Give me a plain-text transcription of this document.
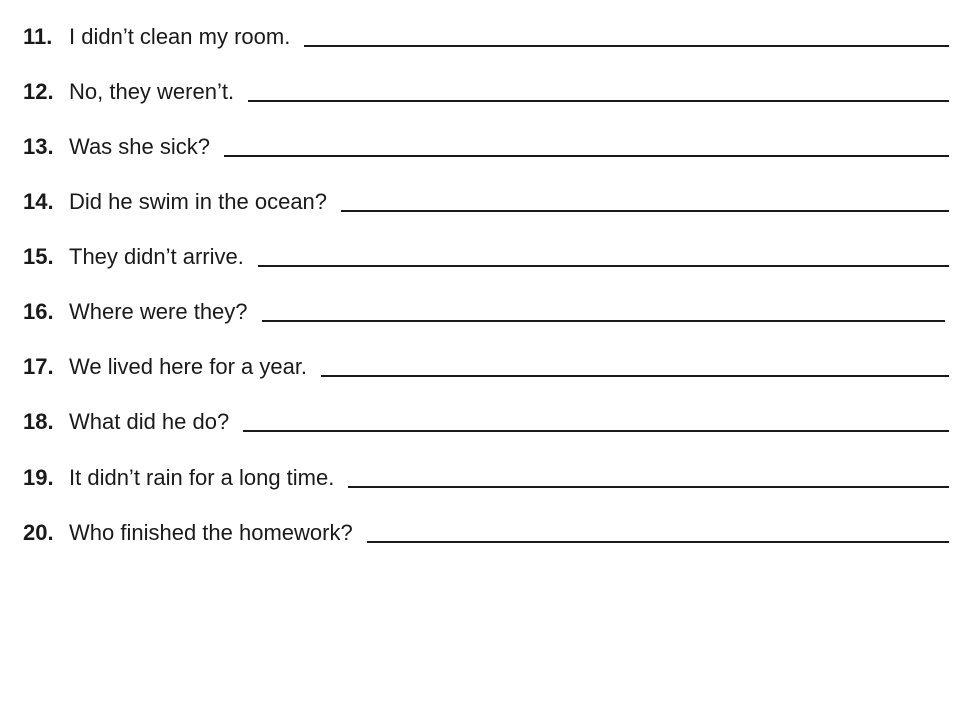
11. I didn’t clean my room.
12. No, they weren’t.
13. Was she sick?
14. Did he swim in the ocean?
15. They didn’t arrive.
16. Where were they?
17. We lived here for a year.
18. What did he do?
19. It didn’t rain for a long time.
20. Who finished the homework?
